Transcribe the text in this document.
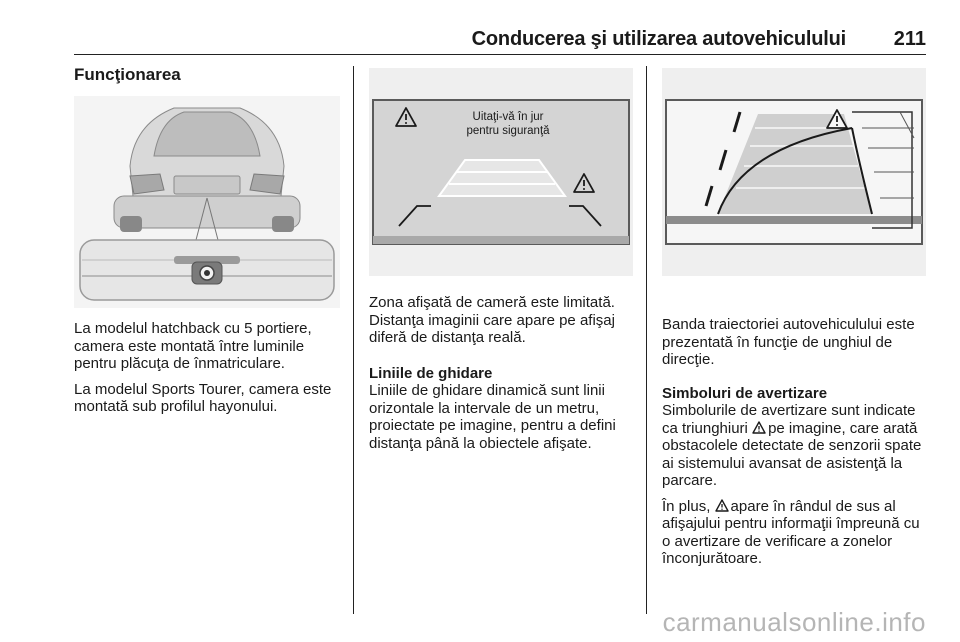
Conducerea şi utilizarea autovehiculului 211
Funcţionarea

La modelul hatchback cu 5 portiere, camera este montată între luminile pentru plăcuţa de înmatriculare.

La modelul Sports Tourer, camera este montată sub profilul hayonului.

Uitaţi-vă în jur
pentru siguranţă

Zona afişată de cameră este limitată. Distanţa imaginii care apare pe afişaj diferă de distanţa reală.

Liniile de ghidare

Liniile de ghidare dinamică sunt linii orizontale la intervale de un metru, proiectate pe imagine, pentru a defini distanţa până la obiectele afişate.

Banda traiectoriei autovehiculului este prezentată în funcţie de unghiul de direcţie.

Simboluri de avertizare

Simbolurile de avertizare sunt indicate ca triunghiuri pe imagine, care arată obstacolele detectate de senzorii spate ai sistemului avansat de asistenţă la parcare.

În plus, apare în rândul de sus al afişajului pentru informaţii împreună cu o avertizare de verificare a zonelor înconjurătoare.

carmanualsonline.info
